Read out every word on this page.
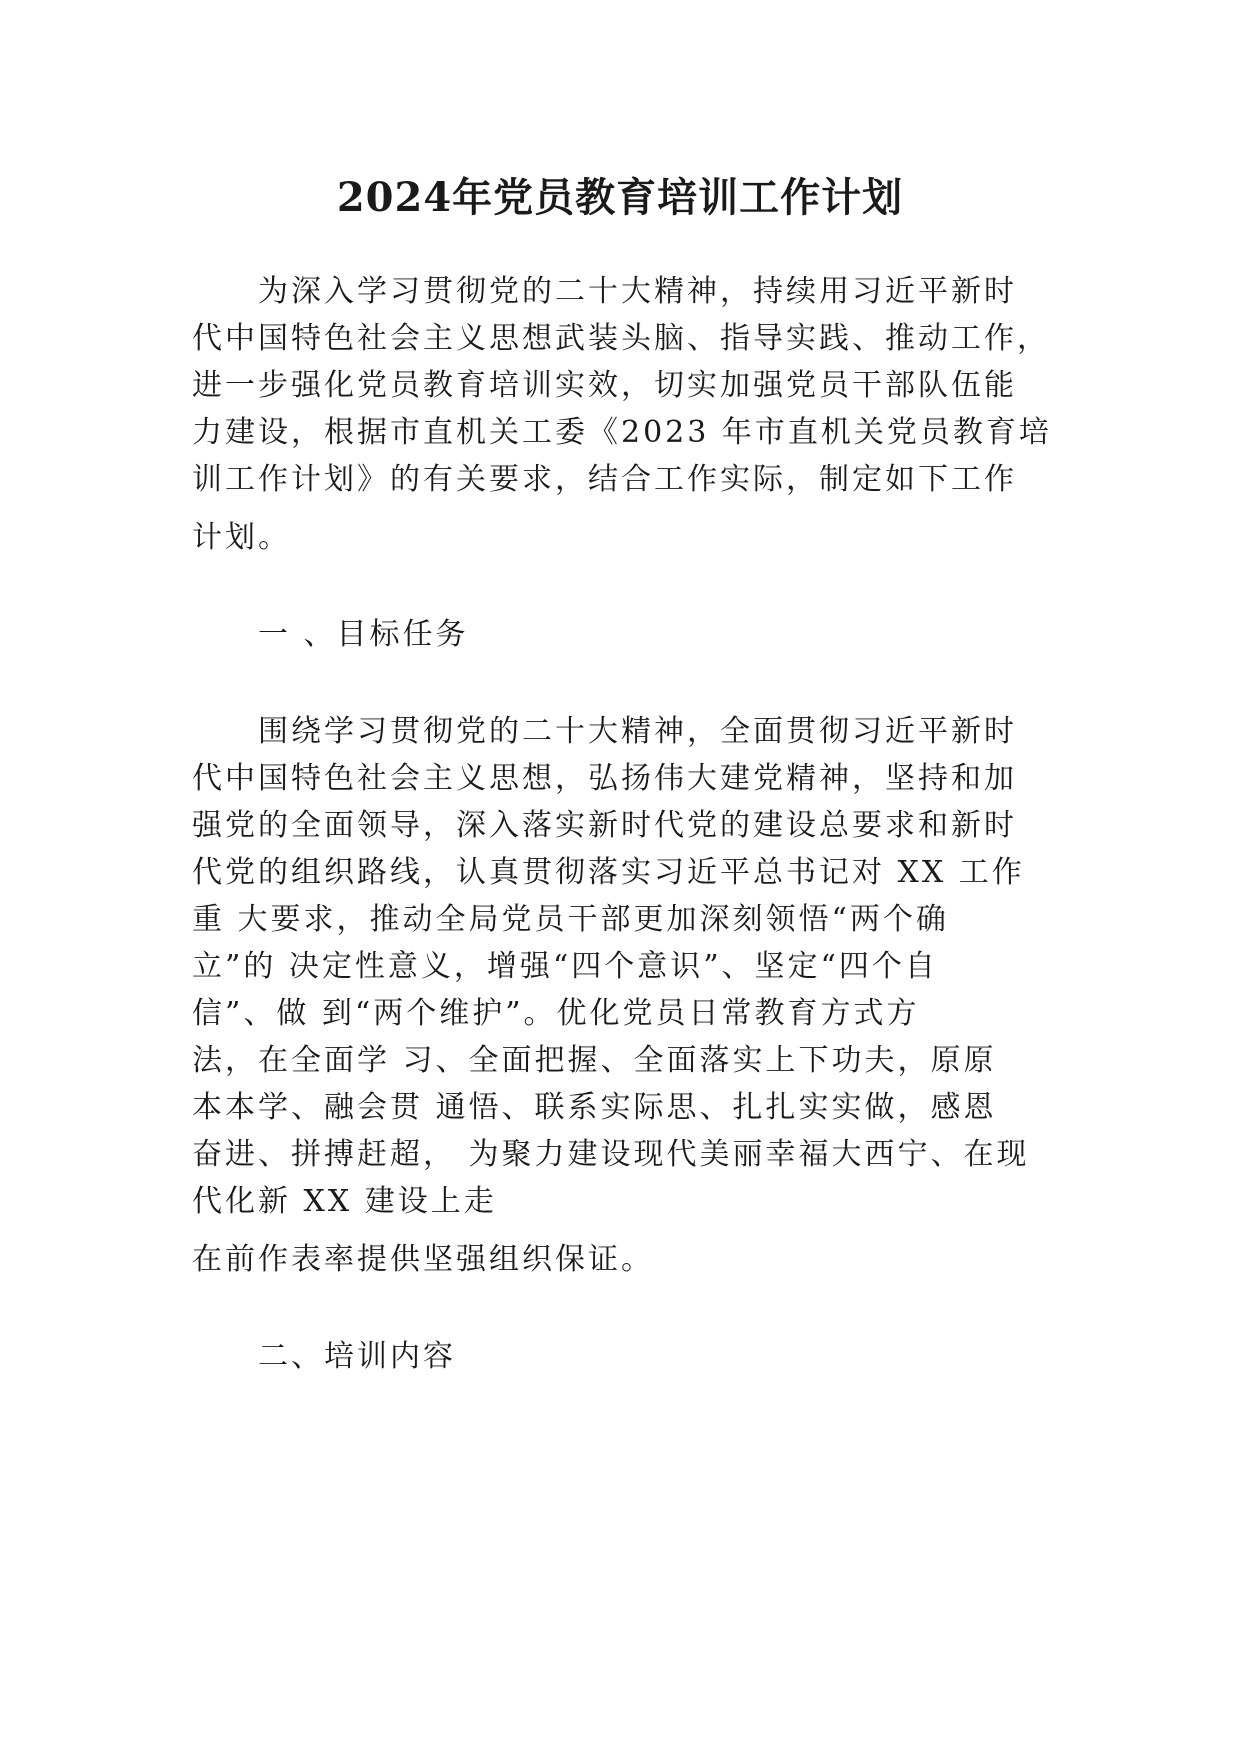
2024年党员教育培训工作计划
为深入学习贯彻党的二十大精神，持续用习近平新时
代中国特色社会主义思想武装头脑、指导实践、推动工作，
进一步强化党员教育培训实效，切实加强党员干部队伍能
力建设，根据市直机关工委《2023 年市直机关党员教育培
训工作计划》的有关要求，结合工作实际，制定如下工作
计划。
一 、目标任务
围绕学习贯彻党的二十大精神，全面贯彻习近平新时
代中国特色社会主义思想，弘扬伟大建党精神，坚持和加
强党的全面领导，深入落实新时代党的建设总要求和新时
代党的组织路线，认真贯彻落实习近平总书记对 XX 工作
重 大要求，推动全局党员干部更加深刻领悟“两个确
立”的 决定性意义，增强“四个意识”、坚定“四个自
信”、做 到“两个维护”。优化党员日常教育方式方
法，在全面学 习、全面把握、全面落实上下功夫，原原
本本学、融会贯 通悟、联系实际思、扎扎实实做，感恩
奋进、拼搏赶超， 为聚力建设现代美丽幸福大西宁、在现
代化新 XX 建设上走
在前作表率提供坚强组织保证。
二、培训内容
